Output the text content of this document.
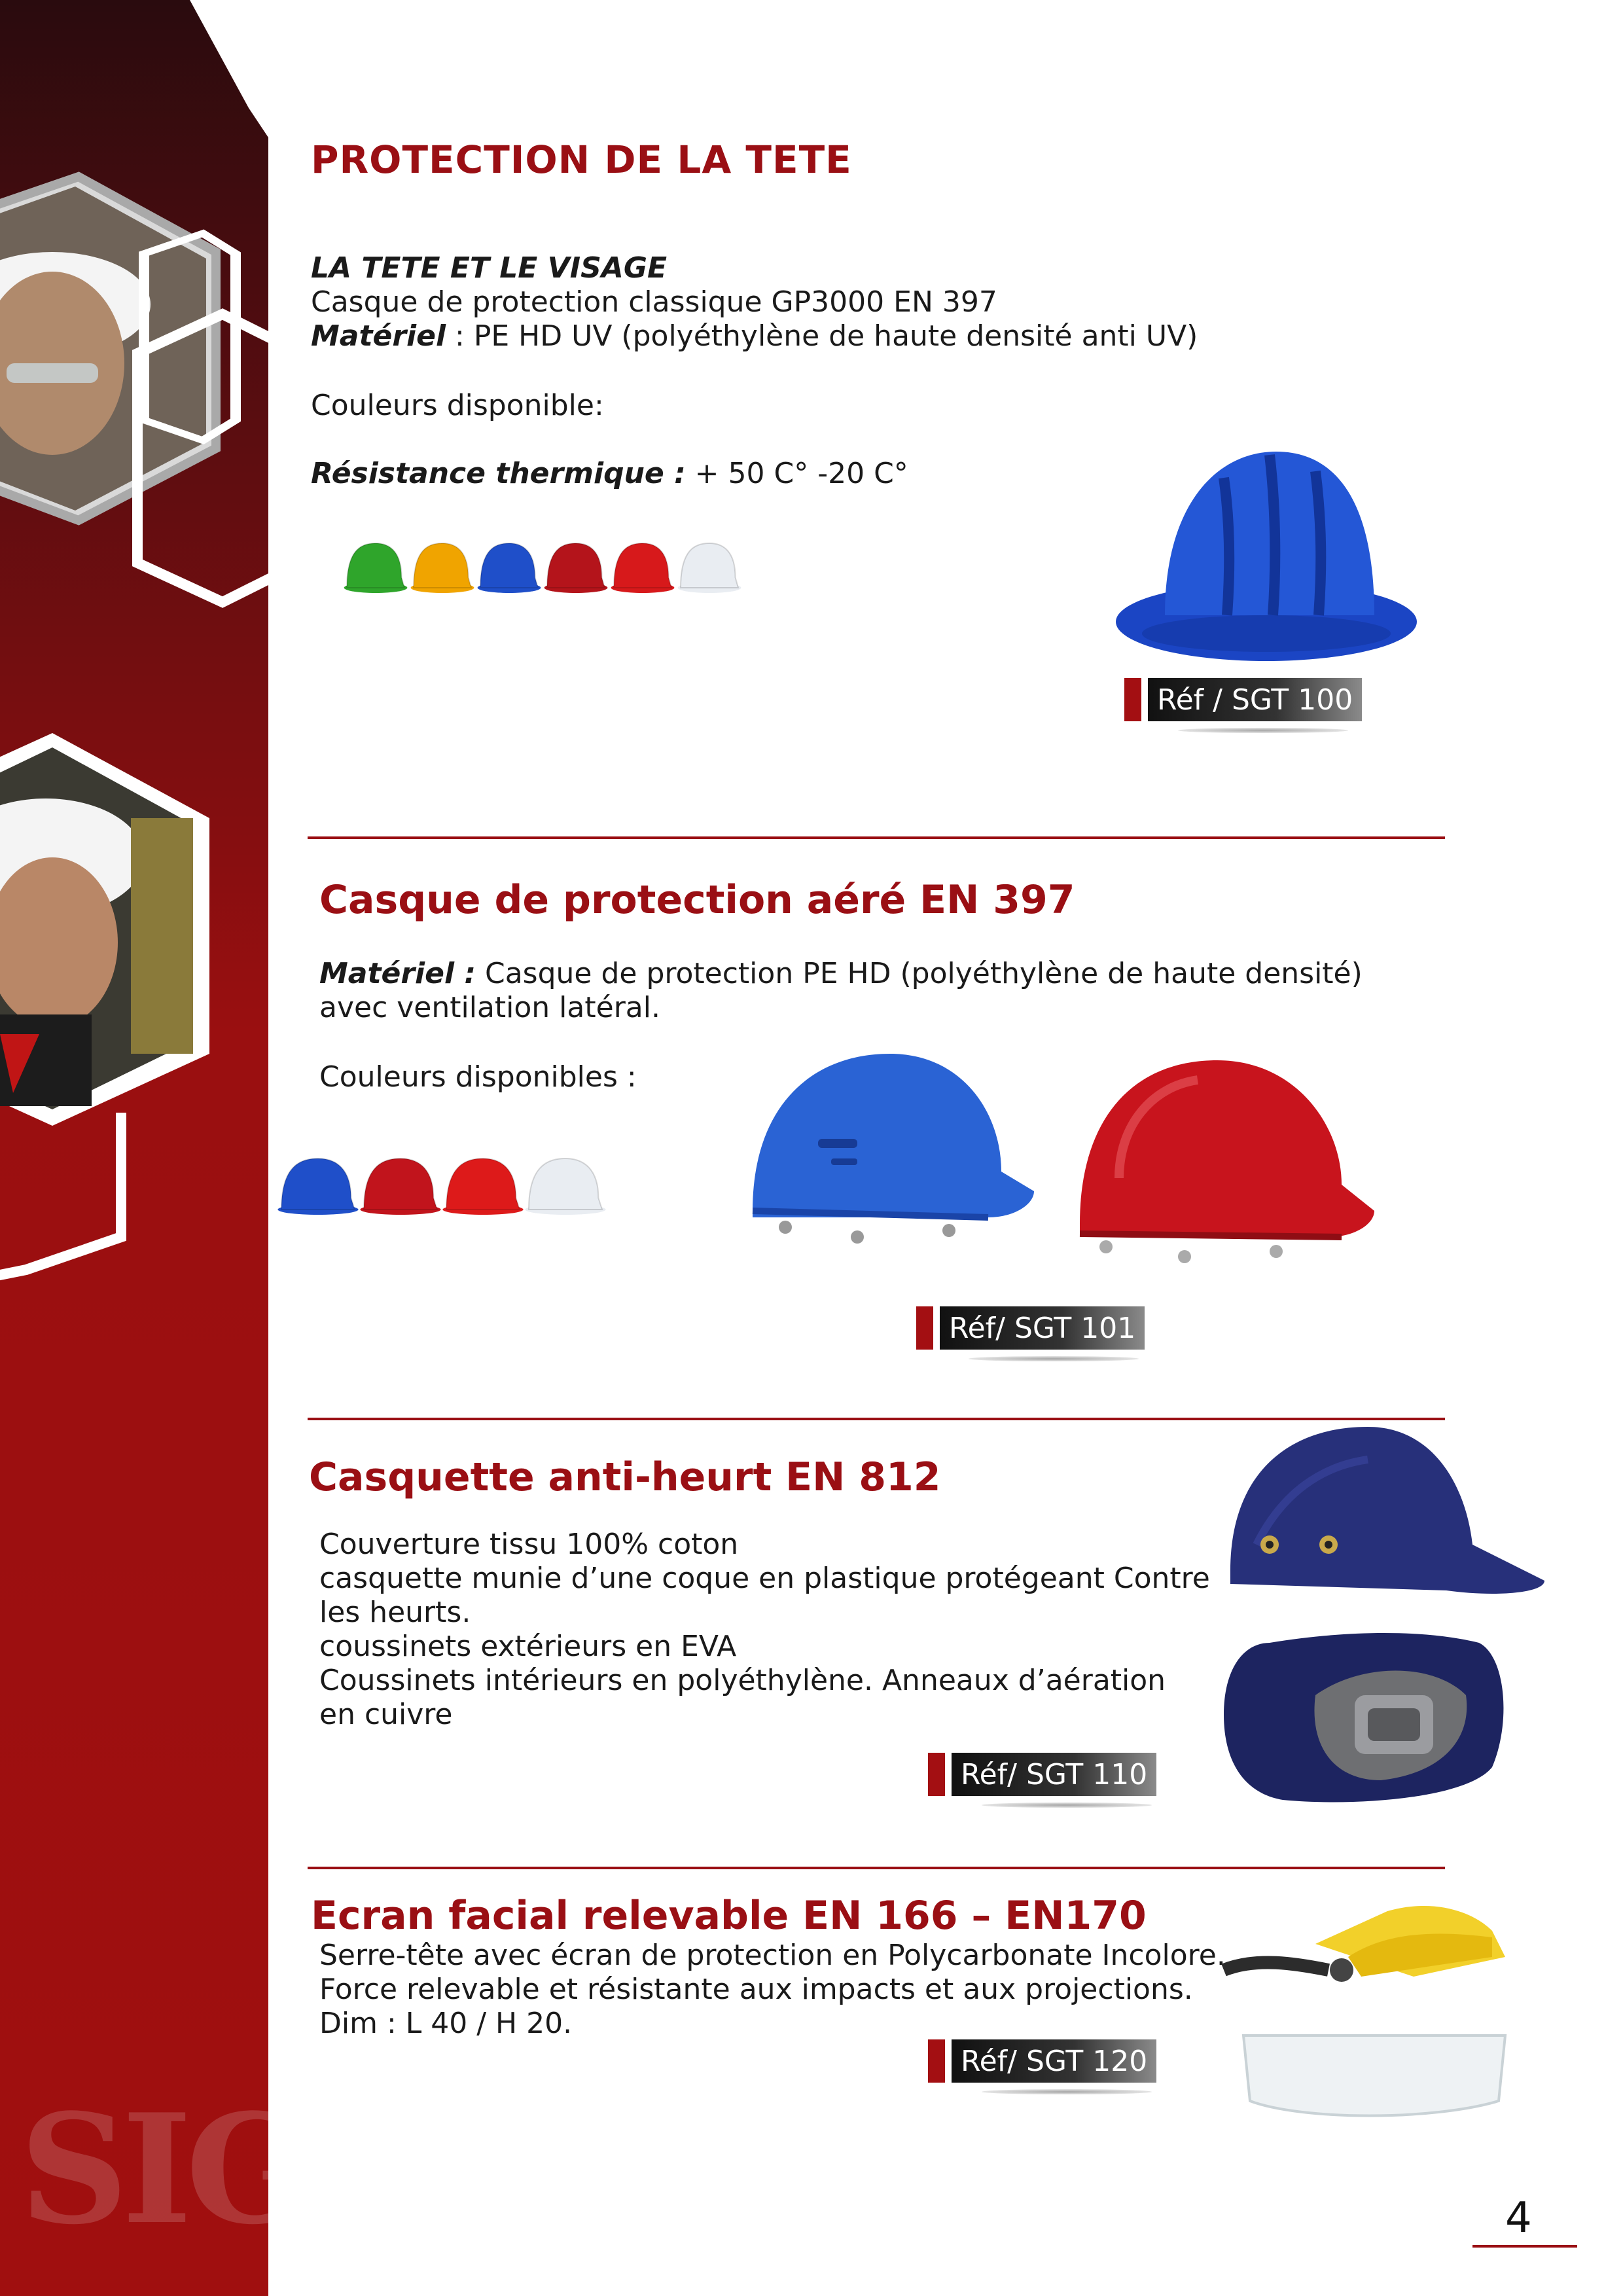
SIG
PROTECTION DE LA TETE
LA TETE ET LE VISAGE
Casque de protection classique GP3000 EN 397
Matériel : PE HD UV (polyéthylène de haute densité anti UV)
Couleurs disponible:
Résistance thermique : + 50 C° -20 C°
Réf / SGT 100
Casque de protection aéré EN 397
Matériel : Casque de protection PE HD (polyéthylène de haute densité)
avec ventilation latéral.
Couleurs disponibles :
Réf/ SGT 101
Casquette anti-heurt EN 812
Couverture tissu 100% coton
casquette munie d’une coque en plastique protégeant Contre
les heurts.
coussinets extérieurs en EVA
Coussinets intérieurs en polyéthylène. Anneaux d’aération
en cuivre
Réf/ SGT 110
Ecran facial relevable EN 166 – EN170
Serre-tête avec écran de protection en Polycarbonate Incolore.
Force relevable et résistante aux impacts et aux projections.
Dim : L 40 / H 20.
Réf/ SGT 120
4
